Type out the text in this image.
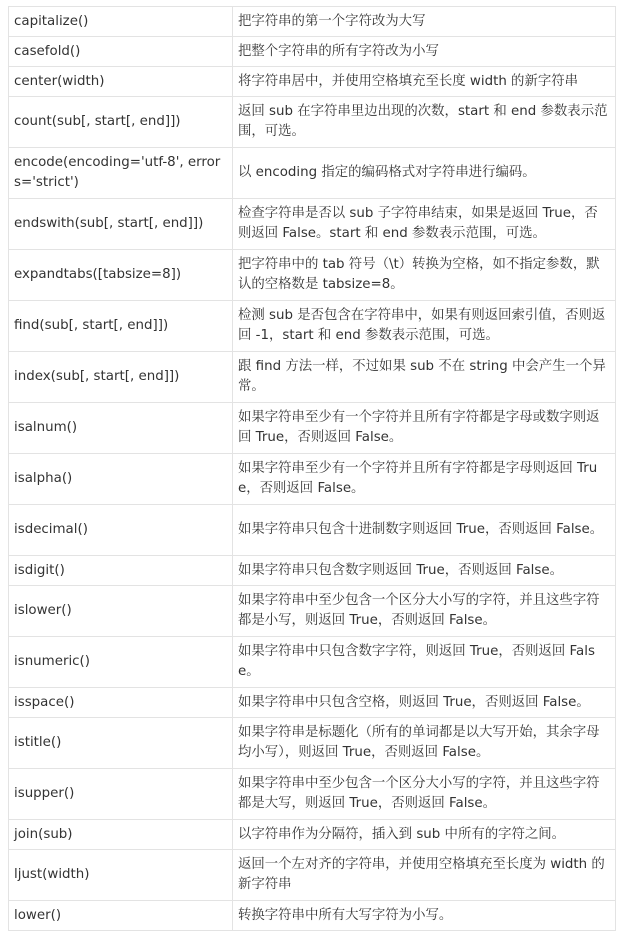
capitalize()	把字符串的第一个字符改为大写
casefold()	把整个字符串的所有字符改为小写
center(width)	将字符串居中，并使用空格填充至长度 width 的新字符串
count(sub[, start[, end]])	返回 sub 在字符串里边出现的次数，start 和 end 参数表示范围，可选。
encode(encoding='utf-8', errors='strict')	以 encoding 指定的编码格式对字符串进行编码。
endswith(sub[, start[, end]])	检查字符串是否以 sub 子字符串结束，如果是返回 True，否则返回 False。start 和 end 参数表示范围，可选。
expandtabs([tabsize=8])	把字符串中的 tab 符号（\t）转换为空格，如不指定参数，默认的空格数是 tabsize=8。
find(sub[, start[, end]])	检测 sub 是否包含在字符串中，如果有则返回索引值，否则返回 -1，start 和 end 参数表示范围，可选。
index(sub[, start[, end]])	跟 find 方法一样，不过如果 sub 不在 string 中会产生一个异常。
isalnum()	如果字符串至少有一个字符并且所有字符都是字母或数字则返回 True，否则返回 False。
isalpha()	如果字符串至少有一个字符并且所有字符都是字母则返回 True，否则返回 False。
isdecimal()	如果字符串只包含十进制数字则返回 True，否则返回 False。
isdigit()	如果字符串只包含数字则返回 True，否则返回 False。
islower()	如果字符串中至少包含一个区分大小写的字符，并且这些字符都是小写，则返回 True，否则返回 False。
isnumeric()	如果字符串中只包含数字字符，则返回 True，否则返回 False。
isspace()	如果字符串中只包含空格，则返回 True，否则返回 False。
istitle()	如果字符串是标题化（所有的单词都是以大写开始，其余字母均小写），则返回 True，否则返回 False。
isupper()	如果字符串中至少包含一个区分大小写的字符，并且这些字符都是大写，则返回 True，否则返回 False。
join(sub)	以字符串作为分隔符，插入到 sub 中所有的字符之间。
ljust(width)	返回一个左对齐的字符串，并使用空格填充至长度为 width 的新字符串
lower()	转换字符串中所有大写字符为小写。
